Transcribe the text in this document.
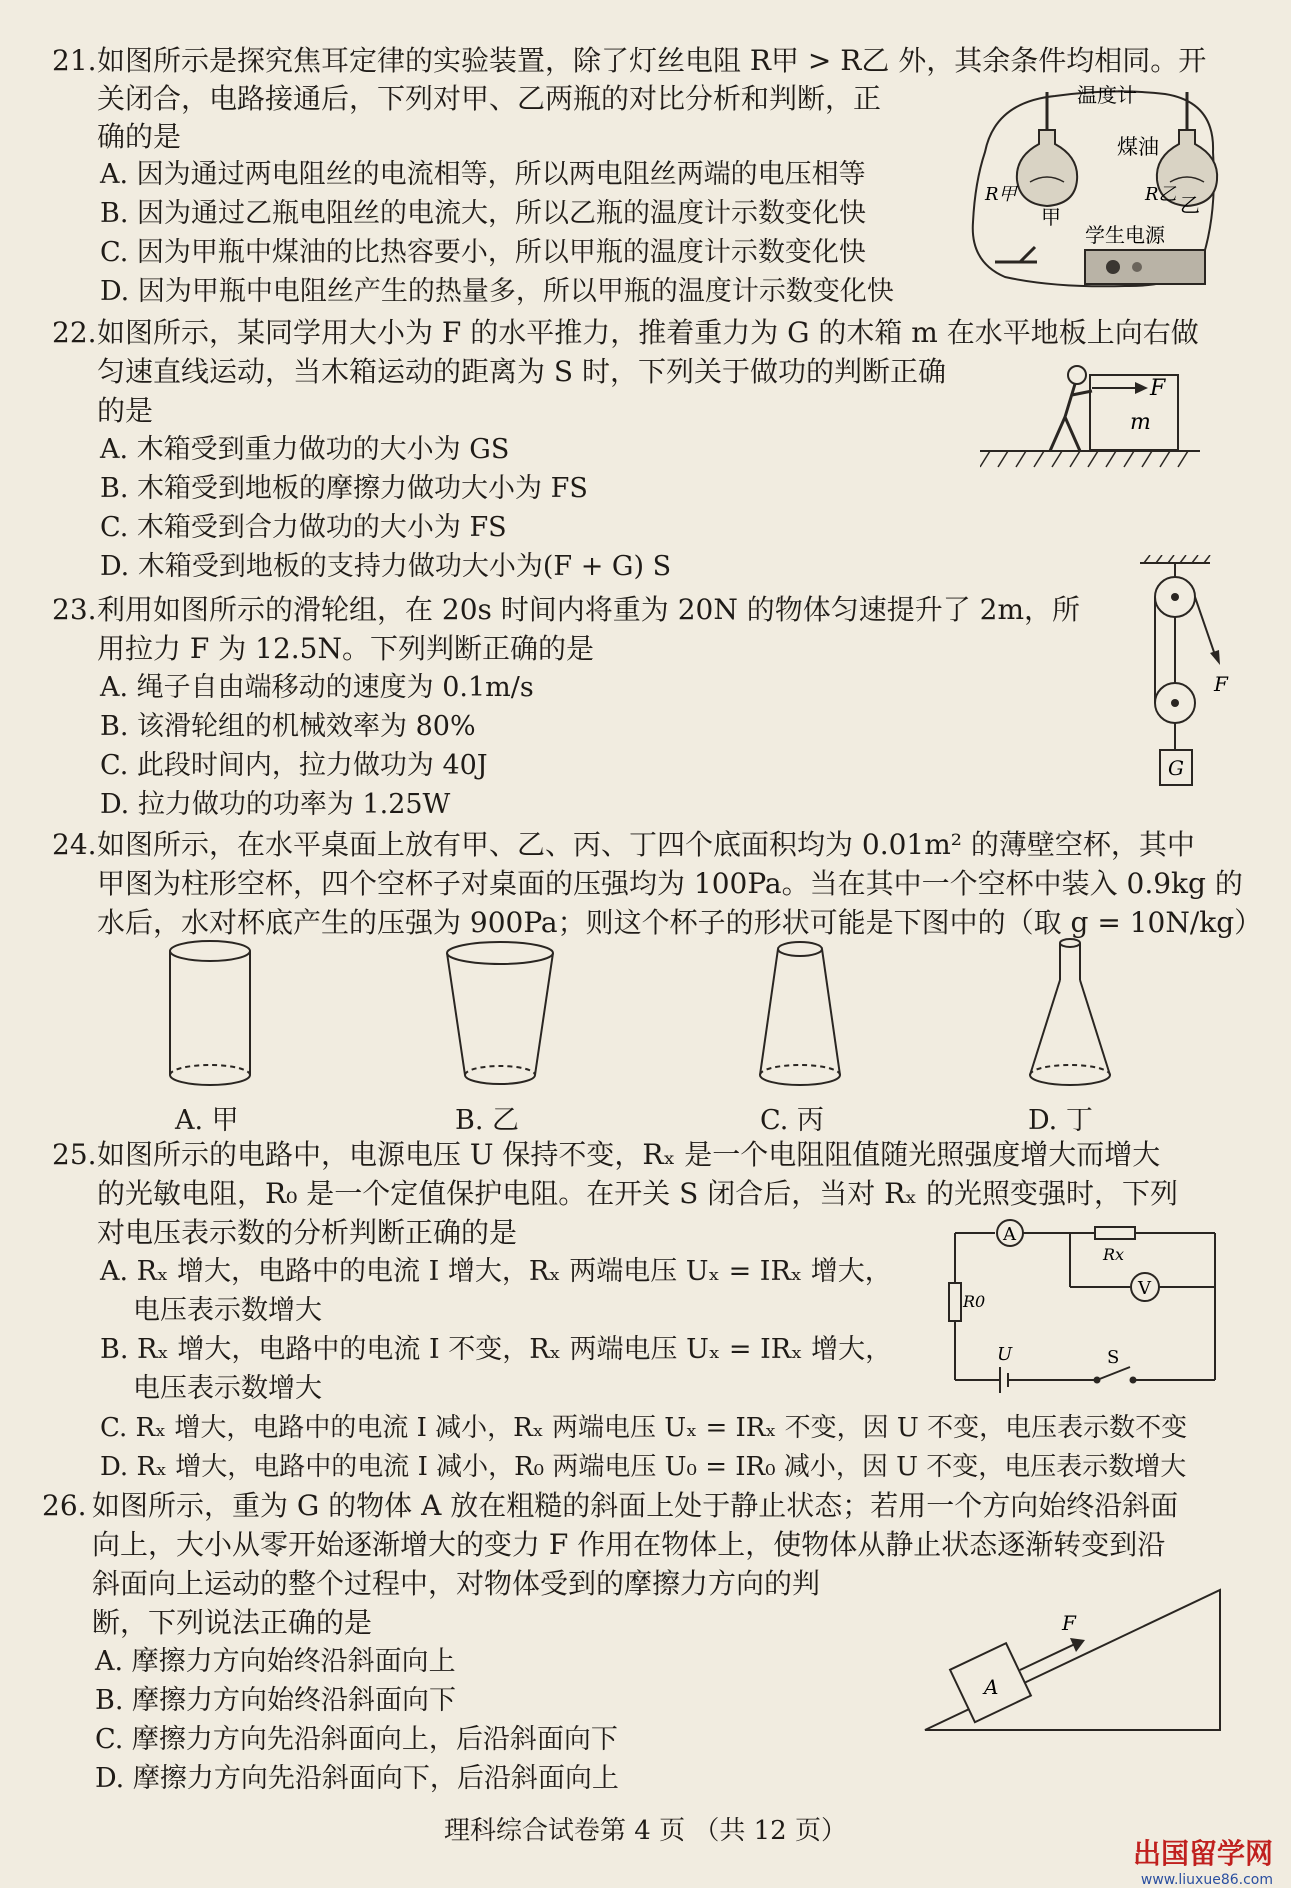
21. 如图所示是探究焦耳定律的实验装置，除了灯丝电阻 R甲 > R乙 外，其余条件均相同。开
关闭合，电路接通后，下列对甲、乙两瓶的对比分析和判断，正
确的是
A. 因为通过两电阻丝的电流相等，所以两电阻丝两端的电压相等
B. 因为通过乙瓶电阻丝的电流大，所以乙瓶的温度计示数变化快
C. 因为甲瓶中煤油的比热容要小，所以甲瓶的温度计示数变化快
D. 因为甲瓶中电阻丝产生的热量多，所以甲瓶的温度计示数变化快
温度计
煤油
R甲	R乙
甲	乙
学生电源
22. 如图所示，某同学用大小为 F 的水平推力，推着重力为 G 的木箱 m 在水平地板上向右做
匀速直线运动，当木箱运动的距离为 S 时，下列关于做功的判断正确
的是
A. 木箱受到重力做功的大小为 GS
B. 木箱受到地板的摩擦力做功大小为 FS
C. 木箱受到合力做功的大小为 FS
D. 木箱受到地板的支持力做功大小为(F + G) S
F
m
23. 利用如图所示的滑轮组，在 20s 时间内将重为 20N 的物体匀速提升了 2m，所
用拉力 F 为 12.5N。下列判断正确的是
A. 绳子自由端移动的速度为 0.1m/s
B. 该滑轮组的机械效率为 80%
C. 此段时间内，拉力做功为 40J
D. 拉力做功的功率为 1.25W
F
G
24. 如图所示，在水平桌面上放有甲、乙、丙、丁四个底面积均为 0.01m² 的薄壁空杯，其中
甲图为柱形空杯，四个空杯子对桌面的压强均为 100Pa。当在其中一个空杯中装入 0.9kg 的
水后，水对杯底产生的压强为 900Pa；则这个杯子的形状可能是下图中的（取 g = 10N/kg）
A. 甲	B. 乙	C. 丙	D. 丁
25. 如图所示的电路中，电源电压 U 保持不变，Rₓ 是一个电阻阻值随光照强度增大而增大
的光敏电阻，R₀ 是一个定值保护电阻。在开关 S 闭合后，当对 Rₓ 的光照变强时，下列
对电压表示数的分析判断正确的是
A. Rₓ 增大，电路中的电流 I 增大，Rₓ 两端电压 Uₓ = IRₓ 增大，
电压表示数增大
B. Rₓ 增大，电路中的电流 I 不变，Rₓ 两端电压 Uₓ = IRₓ 增大，
电压表示数增大
C. Rₓ 增大，电路中的电流 I 减小，Rₓ 两端电压 Uₓ = IRₓ 不变，因 U 不变，电压表示数不变
D. Rₓ 增大，电路中的电流 I 减小，R₀ 两端电压 U₀ = IR₀ 减小，因 U 不变，电压表示数增大
A
V
Rx
R0
U	S
26. 如图所示，重为 G 的物体 A 放在粗糙的斜面上处于静止状态；若用一个方向始终沿斜面
向上，大小从零开始逐渐增大的变力 F 作用在物体上，使物体从静止状态逐渐转变到沿
斜面向上运动的整个过程中，对物体受到的摩擦力方向的判
断，下列说法正确的是
A. 摩擦力方向始终沿斜面向上
B. 摩擦力方向始终沿斜面向下
C. 摩擦力方向先沿斜面向上，后沿斜面向下
D. 摩擦力方向先沿斜面向下，后沿斜面向上
A
F
理科综合试卷第 4 页 （共 12 页）
出国留学网
www.liuxue86.com
